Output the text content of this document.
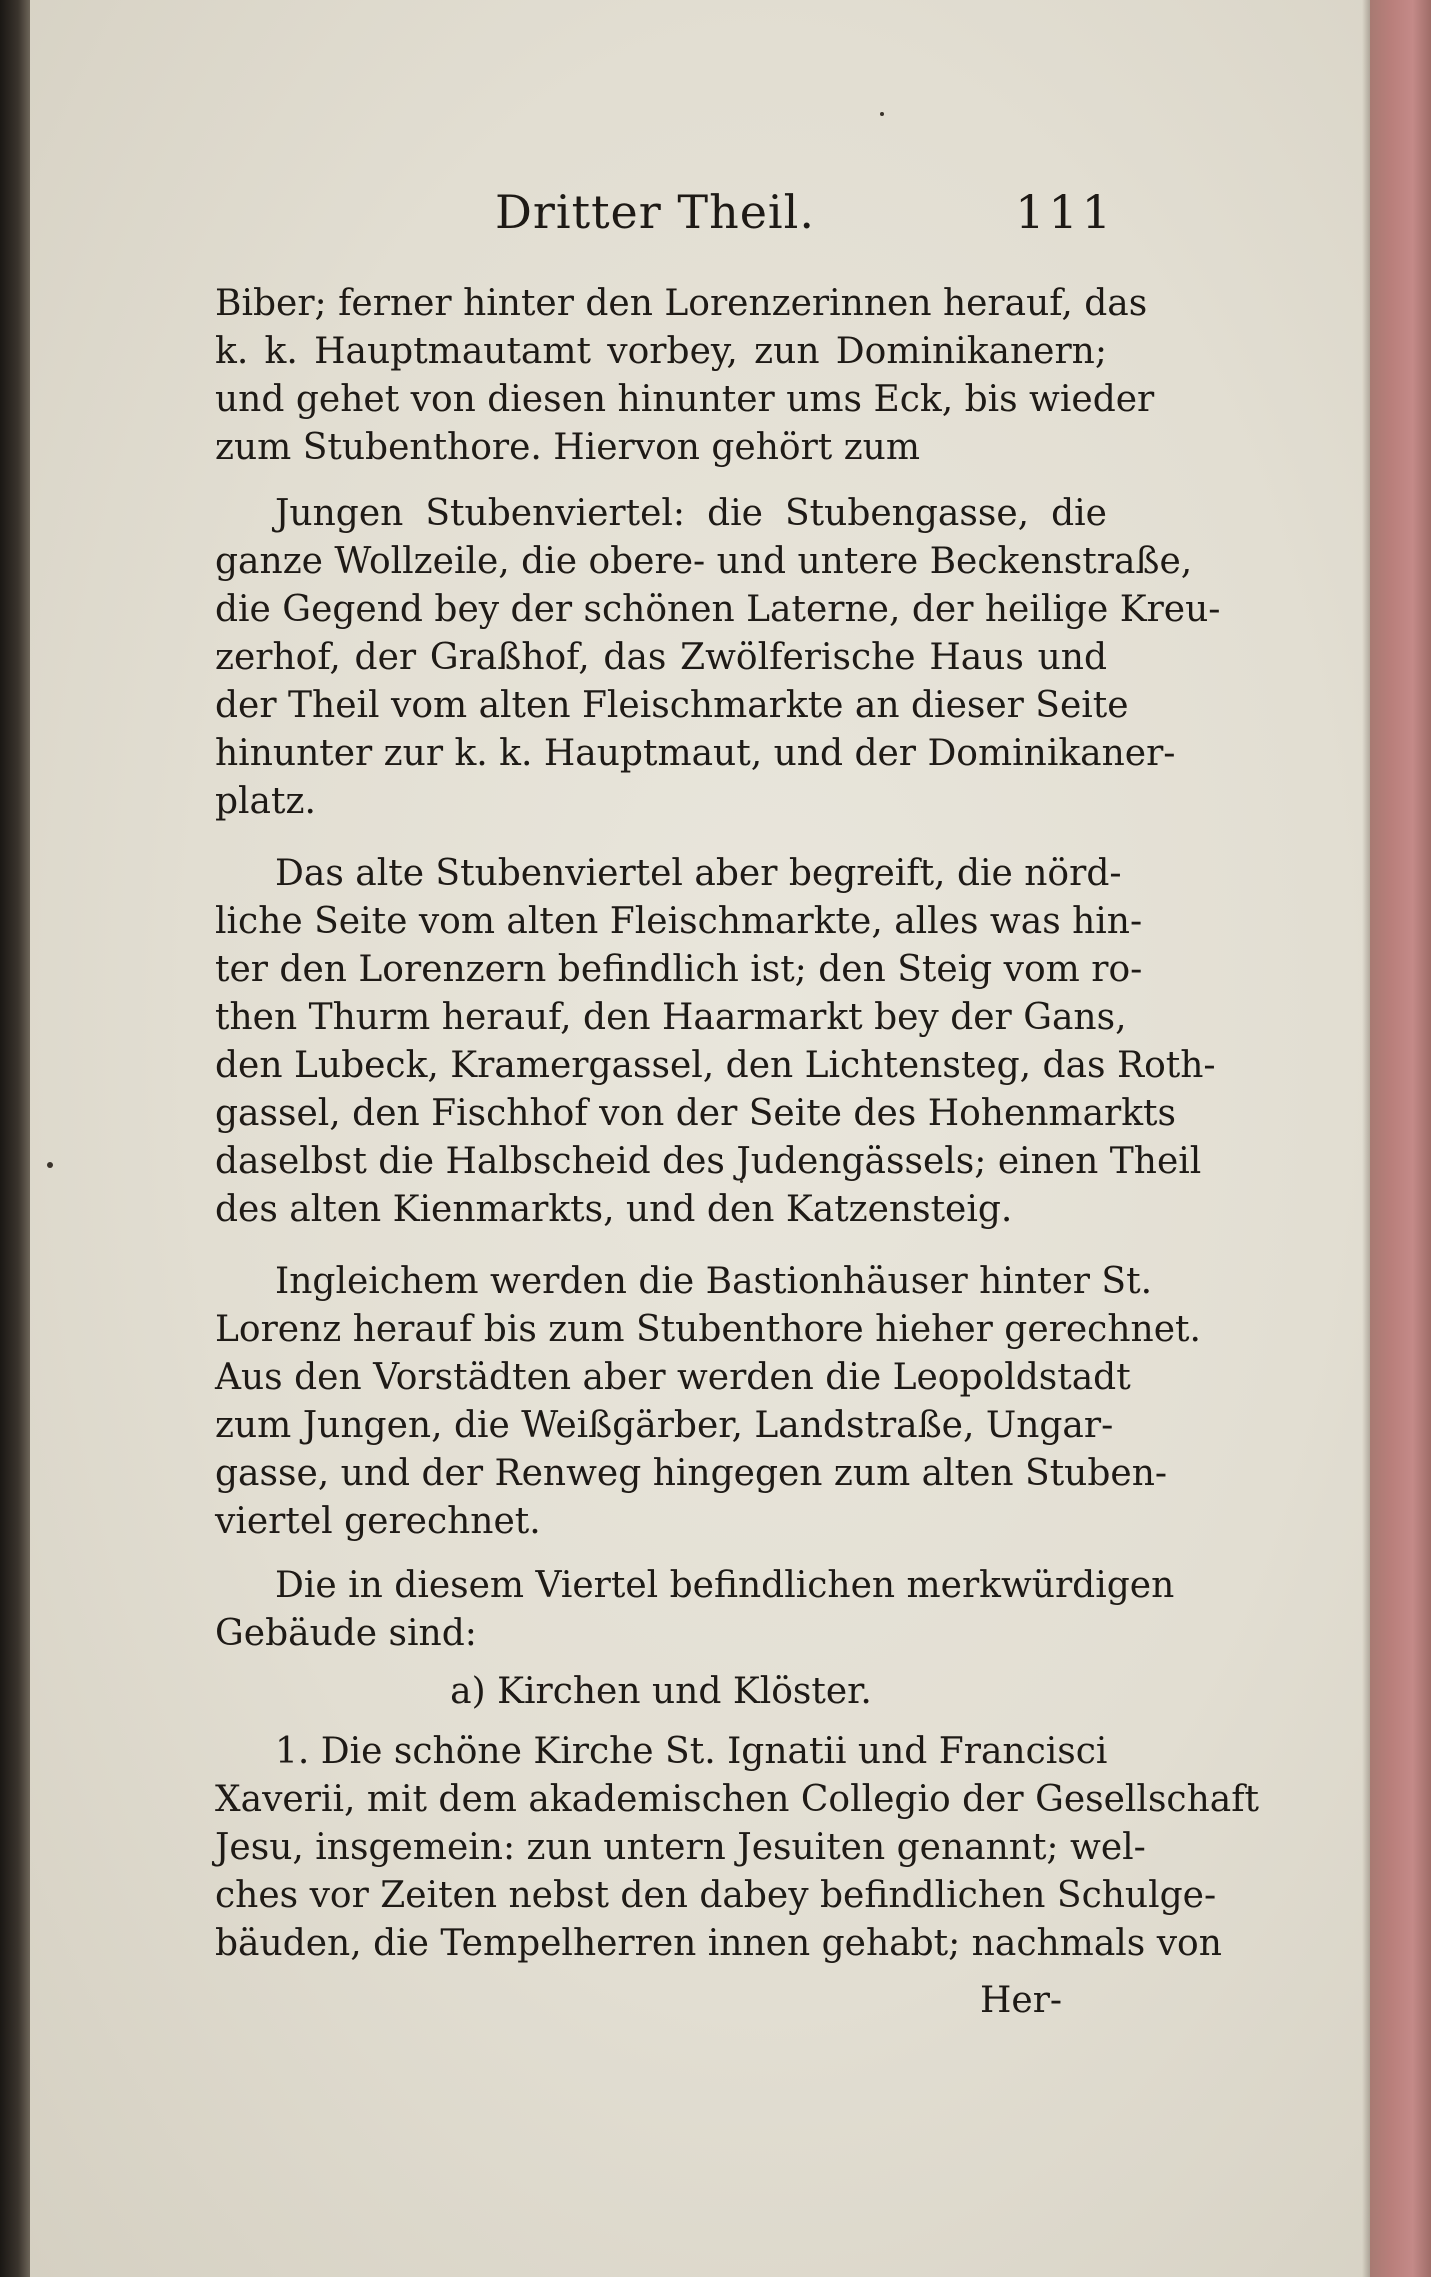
Dritter Theil.	111
Biber; ferner hinter den Lorenzerinnen herauf, das
k. k. Hauptmautamt vorbey, zun Dominikanern;
und gehet von diesen hinunter ums Eck, bis wieder
zum Stubenthore. Hiervon gehört zum
Jungen Stubenviertel: die Stubengasse, die
ganze Wollzeile, die obere- und untere Beckenstraße,
die Gegend bey der schönen Laterne, der heilige Kreu-
zerhof, der Graßhof, das Zwölferische Haus und
der Theil vom alten Fleischmarkte an dieser Seite
hinunter zur k. k. Hauptmaut, und der Dominikaner-
platz.
Das alte Stubenviertel aber begreift, die nörd-
liche Seite vom alten Fleischmarkte, alles was hin-
ter den Lorenzern befindlich ist; den Steig vom ro-
then Thurm herauf, den Haarmarkt bey der Gans,
den Lubeck, Kramergassel, den Lichtensteg, das Roth-
gassel, den Fischhof von der Seite des Hohenmarkts
daselbst die Halbscheid des Judengässels; einen Theil
des alten Kienmarkts, und den Katzensteig.
Ingleichem werden die Bastionhäuser hinter St.
Lorenz herauf bis zum Stubenthore hieher gerechnet.
Aus den Vorstädten aber werden die Leopoldstadt
zum Jungen, die Weißgärber, Landstraße, Ungar-
gasse, und der Renweg hingegen zum alten Stuben-
viertel gerechnet.
Die in diesem Viertel befindlichen merkwürdigen
Gebäude sind:
a) Kirchen und Klöster.
1. Die schöne Kirche St. Ignatii und Francisci
Xaverii, mit dem akademischen Collegio der Gesellschaft
Jesu, insgemein: zun untern Jesuiten genannt; wel-
ches vor Zeiten nebst den dabey befindlichen Schulge-
bäuden, die Tempelherren innen gehabt; nachmals von
Her-
